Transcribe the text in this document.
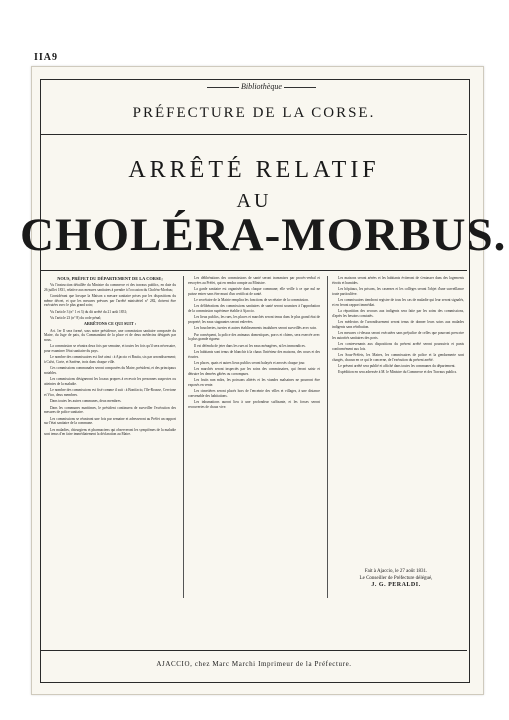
IIA9
Bibliothèque
PRÉFECTURE DE LA CORSE.
ARRÊTÉ RELATIF
AU
CHOLÉRA-MORBUS.
NOUS, PRÉFET DU DÉPARTEMENT DE LA CORSE;

Vu l'instruction détaillée du Ministre du commerce et des travaux publics, en date du 26 juillet 1831, relative aux mesures sanitaires à prendre à l'occasion du Choléra-Morbus;

Considérant que lorsque la Maison a mesure sanitaire prises par les dispositions du même décret, et que les mesures prévues par l'arrêté ministériel n° 282, doivent être exécutées avec le plus grand soin;

Vu l'article 3 (n° 1 et 3) du dit arrêté du 21 août 1831;

Vu l'article 23 (n° 8) du code pénal;

ARRÊTONS CE QUI SUIT :

Art. 1er Il sera formé, sous notre présidence, une commission sanitaire composée du Maire, du Juge de paix, du Commandant de la place et de deux médecins désignés par nous.

La commission se réunira deux fois par semaine, et toutes les fois qu'il sera nécessaire, pour examiner l'état sanitaire du pays.

Le nombre des commissaires est fixé ainsi : à Ajaccio et Bastia, six par arrondissement; à Calvi, Corte, et Sartène, trois dans chaque ville.

Ces commissions communales seront composées du Maire, président, et des principaux notables.

Les commissions désigneront les locaux propres à recevoir les personnes suspectes ou atteintes de la maladie.

Le nombre des commissions est fixé comme il suit : à Bonifacio, l'île-Rousse, Cervione et Vico, deux membres.

Dans toutes les autres communes, deux membres.

Dans les communes maritimes, le président continuera de surveiller l'exécution des mesures de police sanitaire.

Les commissions se réuniront une fois par semaine et adresseront au Préfet un rapport sur l'état sanitaire de la commune.

Les maladies, chirurgiens et pharmaciens qui observeront les symptômes de la maladie sont tenus d'en faire immédiatement la déclaration au Maire.

Les délibérations des commissions de santé seront transmises par procès-verbal et envoyées au Préfet, qui en rendra compte au Ministre.

La garde sanitaire est organisée dans chaque commune; elle veille à ce que nul ne puisse entrer sans être muni d'un certificat de santé.

Le secrétaire de la Mairie remplira les fonctions de secrétaire de la commission.

Les délibérations des commissions sanitaires de santé seront soumises à l'approbation de la commission supérieure établie à Ajaccio.

Les lieux publics, les rues, les places et marchés seront tenus dans le plus grand état de propreté; les eaux stagnantes seront enlevées.

Les boucheries, tueries et autres établissements insalubres seront surveillés avec soin.

Par conséquent, la police des animaux domestiques, porcs et chiens, sera exercée avec la plus grande rigueur.

Il est défendu de jeter dans les rues ni les eaux ménagères, ni les immondices.

Les habitants sont tenus de blanchir à la chaux l'intérieur des maisons, des cours et des écuries.

Les places, quais et autres lieux publics seront balayés et arrosés chaque jour.

Les marchés seront inspectés par les soins des commissaires, qui feront saisir et détruire les denrées gâtées ou corrompues.

Les fruits non mûrs, les poissons altérés et les viandes malsaines ne pourront être exposés en vente.

Les cimetières seront placés hors de l'enceinte des villes et villages, à une distance convenable des habitations.

Les inhumations auront lieu à une profondeur suffisante, et les fosses seront recouvertes de chaux vive.

Les maisons seront aérées et les habitants éviteront de s'entasser dans des logements étroits et humides.

Les hôpitaux, les prisons, les casernes et les collèges seront l'objet d'une surveillance toute particulière.

Les commissaires tiendront registre de tous les cas de maladie qui leur seront signalés, et en feront rapport immédiat.

La répartition des secours aux indigents sera faite par les soins des commissions, d'après les besoins constatés.

Les médecins de l'arrondissement seront tenus de donner leurs soins aux malades indigents sans rétribution.

Les mesures ci-dessus seront exécutées sans préjudice de celles que pourront prescrire les autorités sanitaires des ports.

Les contrevenants aux dispositions du présent arrêté seront poursuivis et punis conformément aux lois.

Les Sous-Préfets, les Maires, les commissaires de police et la gendarmerie sont chargés, chacun en ce qui le concerne, de l'exécution du présent arrêté.

Le présent arrêté sera publié et affiché dans toutes les communes du département.

Expédition en sera adressée à M. le Ministre du Commerce et des Travaux publics.

Fait à Ajaccio, le 27 août 1831.
Le Conseiller de Préfecture délégué,
J. G. PERALDI.
AJACCIO, chez Marc Marchi Imprimeur de la Préfecture.
